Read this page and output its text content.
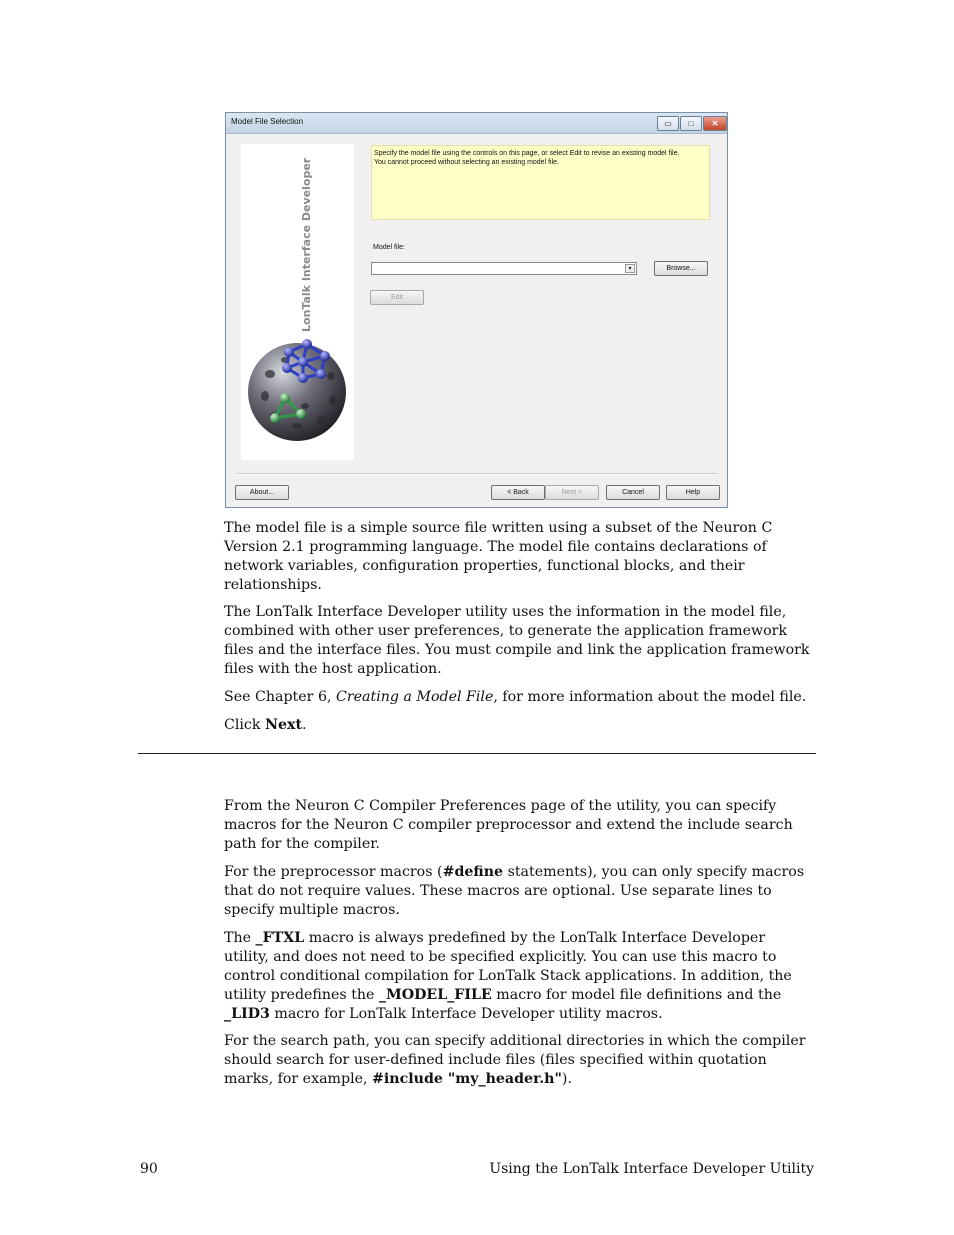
Model File Selection	▭	□	✕
LonTalk Interface Developer
Specify the model file using the controls on this page, or select Edit to revise an existing model file.
You cannot proceed without selecting an existing model file.
Model file:
▾	Browse...
Edit
About...	< Back	Next >	Cancel	Help

The model file is a simple source file written using a subset of the Neuron C Version 2.1 programming language. The model file contains declarations of network variables, configuration properties, functional blocks, and their relationships.

The LonTalk Interface Developer utility uses the information in the model file, combined with other user preferences, to generate the application framework files and the interface files. You must compile and link the application framework files with the host application.

See Chapter 6, Creating a Model File, for more information about the model file.

Click Next.

From the Neuron C Compiler Preferences page of the utility, you can specify macros for the Neuron C compiler preprocessor and extend the include search path for the compiler.

For the preprocessor macros (#define statements), you can only specify macros that do not require values. These macros are optional. Use separate lines to specify multiple macros.

The _FTXL macro is always predefined by the LonTalk Interface Developer utility, and does not need to be specified explicitly. You can use this macro to control conditional compilation for LonTalk Stack applications. In addition, the utility predefines the _MODEL_FILE macro for model file definitions and the _LID3 macro for LonTalk Interface Developer utility macros.

For the search path, you can specify additional directories in which the compiler should search for user-defined include files (files specified within quotation marks, for example, #include "my_header.h").

90	Using the LonTalk Interface Developer Utility
